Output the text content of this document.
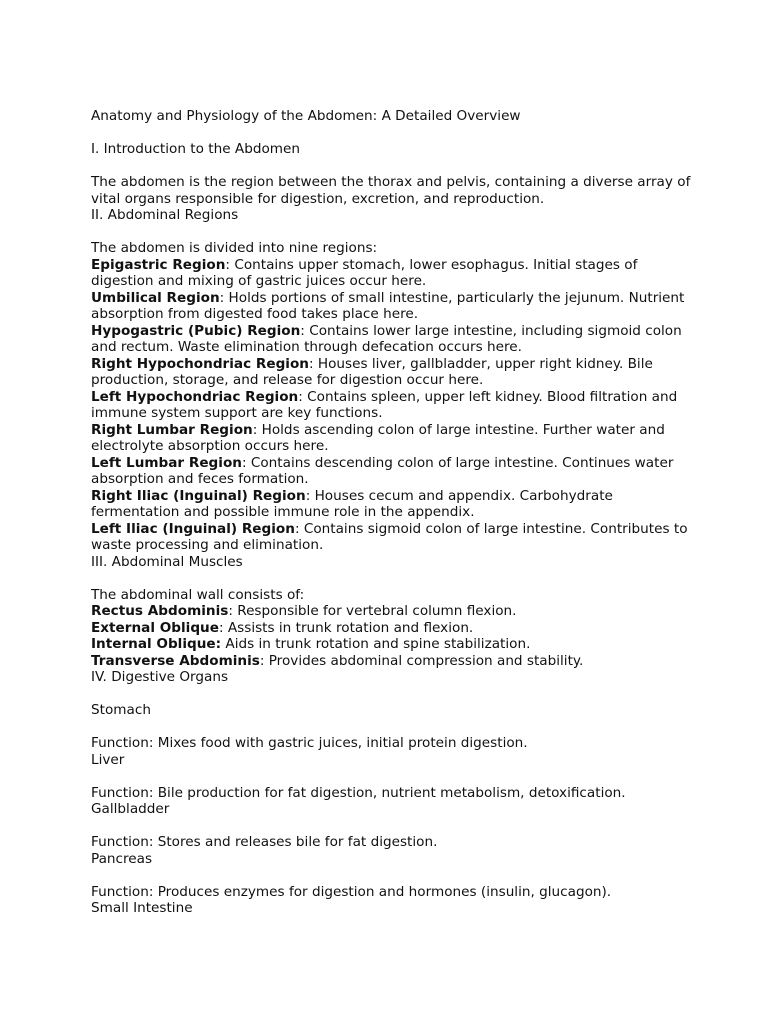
Anatomy and Physiology of the Abdomen: A Detailed Overview
I. Introduction to the Abdomen
The abdomen is the region between the thorax and pelvis, containing a diverse array of vital organs responsible for digestion, excretion, and reproduction.
II. Abdominal Regions
The abdomen is divided into nine regions:
Epigastric Region: Contains upper stomach, lower esophagus. Initial stages of digestion and mixing of gastric juices occur here.
Umbilical Region: Holds portions of small intestine, particularly the jejunum. Nutrient absorption from digested food takes place here.
Hypogastric (Pubic) Region: Contains lower large intestine, including sigmoid colon and rectum. Waste elimination through defecation occurs here.
Right Hypochondriac Region: Houses liver, gallbladder, upper right kidney. Bile production, storage, and release for digestion occur here.
Left Hypochondriac Region: Contains spleen, upper left kidney. Blood filtration and immune system support are key functions.
Right Lumbar Region: Holds ascending colon of large intestine. Further water and electrolyte absorption occurs here.
Left Lumbar Region: Contains descending colon of large intestine. Continues water absorption and feces formation.
Right Iliac (Inguinal) Region: Houses cecum and appendix. Carbohydrate fermentation and possible immune role in the appendix.
Left Iliac (Inguinal) Region: Contains sigmoid colon of large intestine. Contributes to waste processing and elimination.
III. Abdominal Muscles
The abdominal wall consists of:
Rectus Abdominis: Responsible for vertebral column flexion.
External Oblique: Assists in trunk rotation and flexion.
Internal Oblique: Aids in trunk rotation and spine stabilization.
Transverse Abdominis: Provides abdominal compression and stability.
IV. Digestive Organs
Stomach
Function: Mixes food with gastric juices, initial protein digestion.
Liver
Function: Bile production for fat digestion, nutrient metabolism, detoxification.
Gallbladder
Function: Stores and releases bile for fat digestion.
Pancreas
Function: Produces enzymes for digestion and hormones (insulin, glucagon).
Small Intestine
